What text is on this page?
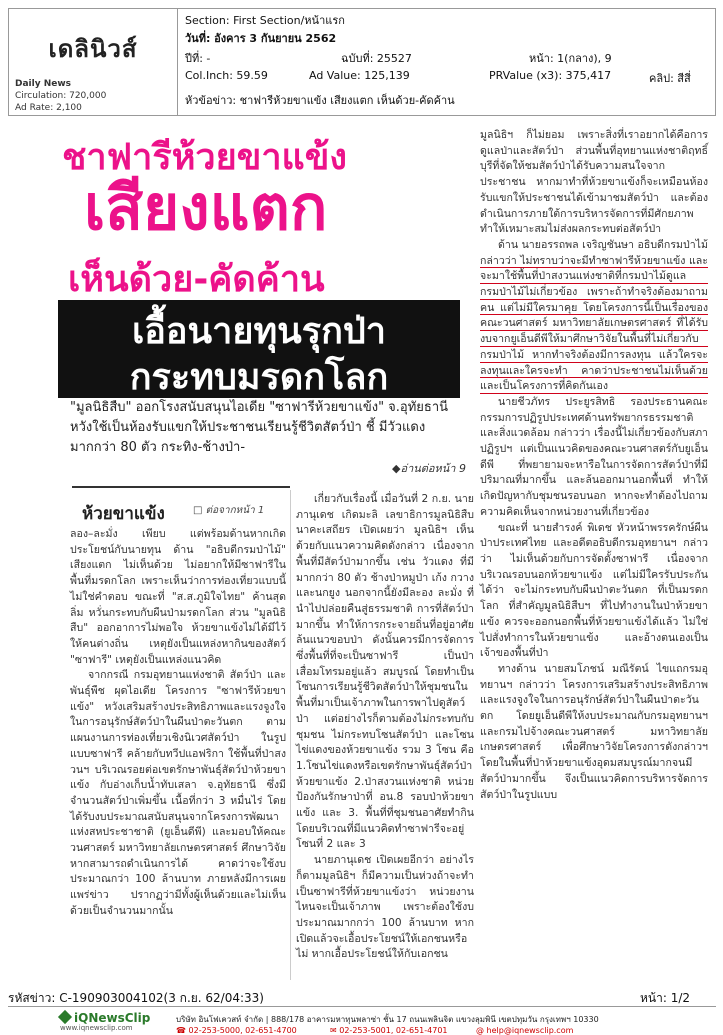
เดลินิวส์
Daily News
Circulation: 720,000
Ad Rate: 2,100
Section: First Section/หน้าแรก
วันที่: อังคาร 3 กันยายน 2562
ปีที่: -	ฉบับที่: 25527	หน้า: 1(กลาง), 9
Col.Inch: 59.59	Ad Value: 125,139	PRValue (x3): 375,417	คลิป: สีสี่
หัวข้อข่าว: ชาฟารีห้วยขาแข้ง เสียงแตก เห็นด้วย-คัดค้าน
ชาฟารีห้วยขาแข้ง
เสียงแตก
เห็นด้วย-คัดค้าน
เอื้อนายทุนรุกป่า
กระทบมรดกโลก
"มูลนิธิสืบ" ออกโรงสนับสนุนไอเดีย "ซาฟารีห้วยขาแข้ง" จ.อุทัยธานี หวังใช้เป็นห้องรับแขกให้ประชาชนเรียนรู้ชีวิตสัตว์ป่า ชี้ มีวัวแดงมากกว่า 80 ตัว กระทิง-ช้างป่า-
◆อ่านต่อหน้า 9
ห้วยขาแข้ง	□ ต่อจากหน้า 1

ลอง–ละมั่ง เพียบ แต่พร้อมด้านหากเกิดประโยชน์กับนายทุน ด้าน "อธิบดีกรมป่าไม้" เสียงแตก ไม่เห็นด้วย ไม่อยากให้มีซาฟารีในพื้นที่มรดกโลก เพราะเห็นว่าการท่องเที่ยวแบบนี้ไม่ใช่คำตอบ ขณะที่ "ส.ส.ภูมิใจไทย" ค้านสุดลิ่ม หวั่นกระทบกับผืนป่ามรดกโลก ส่วน "มูลนิธิสืบ" ออกอาการไม่พอใจ ห้วยขาแข้งไม่ได้มีไว้ให้คนต่างถิ่น เหตุยังเป็นแหล่งหากินของสัตว์ "ซาฟารี" เหตุยังเป็นแหล่งแนวคิด

จากกรณี กรมอุทยานแห่งชาติ สัตว์ป่า และพันธุ์พืช ผุดไอเดีย โครงการ "ซาฟารีห้วยขาแข้ง" หวังเสริมสร้างประสิทธิภาพและแรงจูงใจในการอนุรักษ์สัตว์ป่าในผืนป่าตะวันตก ตามแผนงานการท่องเที่ยวเชิงนิเวศสัตว์ป่า ในรูปแบบซาฟารี คล้ายกับทวีปแอฟริกา ใช้พื้นที่ป่าสงวนฯ บริเวณรอยต่อเขตรักษาพันธุ์สัตว์ป่าห้วยขาแข้ง กับอ่างเก็บน้ำทับเสลา จ.อุทัยธานี ซึ่งมีจำนวนสัตว์ป่าเพิ่มขึ้น เนื้อที่กว่า 3 หมื่นไร่ โดยได้รับงบประมาณสนับสนุนจากโครงการพัฒนาแห่งสหประชาชาติ (ยูเอ็นดีพี) และมอบให้คณะวนศาสตร์ มหาวิทยาลัยเกษตรศาสตร์ ศึกษาวิจัย หากสามารถดำเนินการได้ คาดว่าจะใช้งบประมาณกว่า 100 ล้านบาท ภายหลังมีการเผยแพร่ข่าว ปรากฏว่ามีทั้งผู้เห็นด้วยและไม่เห็นด้วยเป็นจำนวนมากนั้น

เกี่ยวกับเรื่องนี้ เมื่อวันที่ 2 ก.ย. นายภานุเดช เกิดมะลิ เลขาธิการมูลนิธิสืบนาคะเสถียร เปิดเผยว่า มูลนิธิฯ เห็นด้วยกับแนวความคิดดังกล่าว เนื่องจากพื้นที่มีสัตว์ป่ามากขึ้น เช่น วัวแดง ที่มีมากกว่า 80 ตัว ช้างป่าหมูป่า เก้ง กวาง และนกยูง นอกจากนี้ยังมีละอง ละมั่ง ที่นำไปปล่อยคืนสู่ธรรมชาติ การที่สัตว์ป่ามากขึ้น ทำให้การกระจายถิ่นที่อยู่อาศัยล้นแนวขอบป่า ดังนั้นควรมีการจัดการซึ่งพื้นที่ที่จะเป็นซาฟารี เป็นป่าเสื่อมโทรมอยู่แล้ว สมบูรณ์ โดยทำเป็นโซนการเรียนรู้ชีวิตสัตว์ป่าให้ชุมชนในพื้นที่มาเป็นเจ้าภาพในการพาไปดูสัตว์ป่า แต่อย่างไรก็ตามต้องไม่กระทบกับชุมชน ไม่กระทบโซนสัตว์ป่า และโซนไข่แดงของห้วยขาแข้ง รวม 3 โซน คือ 1.โซนไข่แดงหรือเขตรักษาพันธุ์สัตว์ป่าห้วยขาแข้ง 2.ป่าสงวนแห่งชาติ หน่วยป้องกันรักษาป่าที่ อน.8 รอบป่าห้วยขาแข้ง และ 3. พื้นที่ที่ชุมชนอาศัยทำกิน โดยบริเวณที่มีแนวคิดทำซาฟารีจะอยู่โซนที่ 2 และ 3

นายภานุเดช เปิดเผยอีกว่า อย่างไรก็ตามมูลนิธิฯ ก็มีความเป็นห่วงถ้าจะทำเป็นซาฟารีที่ห้วยขาแข้งว่า หน่วยงานไหนจะเป็นเจ้าภาพ เพราะต้องใช้งบประมาณมากกว่า 100 ล้านบาท หากเปิดแล้วจะเอื้อประโยชน์ให้เอกชนหรือไม่ หากเอื้อประโยชน์ให้กับเอกชน

มูลนิธิฯ ก็ไม่ยอม เพราะสิ่งที่เราอยากได้คือการดูแลป่าและสัตว์ป่า ส่วนพื้นที่อุทยานแห่งชาติฤทธิ์บุรีที่จัดให้ชมสัตว์ป่าได้รับความสนใจจากประชาชน หากมาทำที่ห้วยขาแข้งก็จะเหมือนห้องรับแขกให้ประชาชนได้เข้ามาชมสัตว์ป่า และต้องดำเนินการภายใต้การบริหารจัดการที่มีศักยภาพ ทำให้เหมาะสมไม่ส่งผลกระทบต่อสัตว์ป่า

ด้าน นายอรรถพล เจริญชันษา อธิบดีกรมป่าไม้ กล่าวว่า ไม่ทราบว่าจะมีทำซาฟารีห้วยขาแข้ง และจะมาใช้พื้นที่ป่าสงวนแห่งชาติที่กรมป่าไม้ดูแล กรมป่าไม้ไม่เกี่ยวข้อง เพราะถ้าทำจริงต้องมาถามคน แต่ไม่มีใครมาคุย โดยโครงการนี้เป็นเรื่องของคณะวนศาสตร์ มหาวิทยาลัยเกษตรศาสตร์ ที่ได้รับงบจากยูเอ็นดีพีให้มาศึกษาวิจัยในพื้นที่ไม่เกี่ยวกับกรมป่าไม้ หากทำจริงต้องมีการลงทุน แล้วใครจะลงทุนและใครจะทำ คาดว่าประชาชนไม่เห็นด้วย และเป็นโครงการที่คิดกันเอง

นายชีวภัทร ประยูรสิทธิ รองประธานคณะกรรมการปฏิรูปประเทศด้านทรัพยากรธรรมชาติและสิ่งแวดล้อม กล่าวว่า เรื่องนี้ไม่เกี่ยวข้องกับสภาปฏิรูปฯ แต่เป็นแนวคิดของคณะวนศาสตร์กับยูเอ็นดีพี ที่พยายามจะหารือในการจัดการสัตว์ป่าที่มีปริมาณที่มากขึ้น และล้นออกมานอกพื้นที่ ทำให้เกิดปัญหากับชุมชนรอบนอก หากจะทำต้องไปถามความคิดเห็นจากหน่วยงานที่เกี่ยวข้อง

ขณะที่ นายสำรงค์ พิเดช หัวหน้าพรรครักษ์ผืนป่าประเทศไทย และอดีตอธิบดีกรมอุทยานฯ กล่าวว่า ไม่เห็นด้วยกับการจัดตั้งซาฟารี เนื่องจากบริเวณรอบนอกห้วยขาแข้ง แต่ไม่มีใครรับประกันได้ว่า จะไม่กระทบกับผืนป่าตะวันตก ที่เป็นมรดกโลก ที่สำคัญมูลนิธิสืบฯ ที่ไปทำงานในป่าห้วยขาแข้ง ควรจะออกนอกพื้นที่ห้วยขาแข้งได้แล้ว ไม่ใช่ไปสั่งทำการในห้วยขาแข้ง และอ้างตนเองเป็นเจ้าของพื้นที่ป่า

ทางด้าน นายสมโภชน์ มณีรัตน์ ไขแถกรมอุทยานฯ กล่าวว่า โครงการเสริมสร้างประสิทธิภาพและแรงจูงใจในการอนุรักษ์สัตว์ป่าในผืนป่าตะวันตก โดยยูเอ็นดีพีให้งบประมาณกับกรมอุทยานฯ และกรมไปจ้างคณะวนศาสตร์ มหาวิทยาลัยเกษตรศาสตร์ เพื่อศึกษาวิจัยโครงการดังกล่าวฯ โดยในพื้นที่ป่าห้วยขาแข้งอุดมสมบูรณ์มากจนมีสัตว์ป่ามากขึ้น จึงเป็นแนวคิดการบริหารจัดการสัตว์ป่าในรูปแบบ

รหัสข่าว: C-190903004102(3 ก.ย. 62/04:33)	หน้า: 1/2
iQNewsClip
www.iqnewsclip.com
บริษัท อินโฟเควสท์ จำกัด | 888/178 อาคารมหาทุนพลาซ่า ชั้น 17 ถนนเพลินจิต แขวงลุมพินี เขตปทุมวัน กรุงเทพฯ 10330
☎ 02-253-5000, 02-651-4700	✉ 02-253-5001, 02-651-4701	@ help@iqnewsclip.com
